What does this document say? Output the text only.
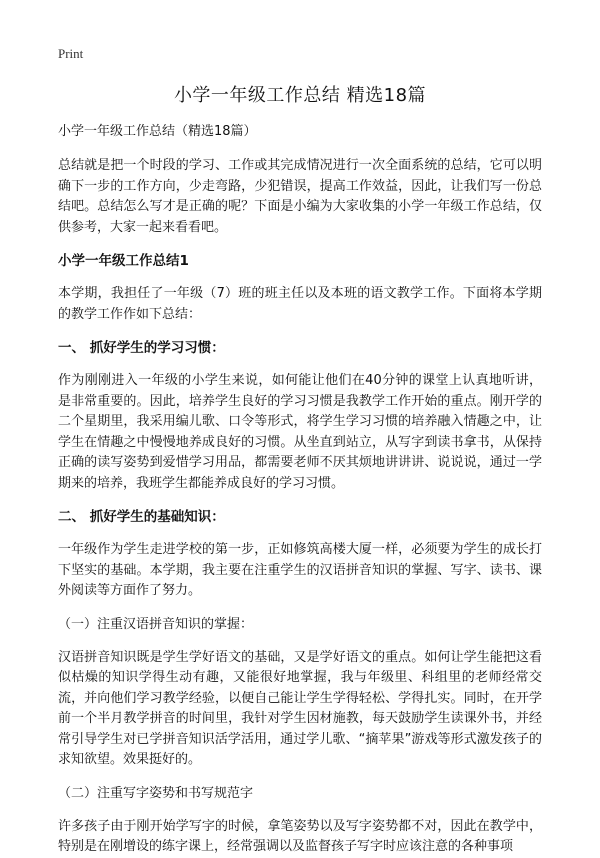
Print
小学一年级工作总结 精选18篇
小学一年级工作总结（精选18篇）

总结就是把一个时段的学习、工作或其完成情况进行一次全面系统的总结，它可以明确下一步的工作方向，少走弯路，少犯错误，提高工作效益，因此，让我们写一份总结吧。总结怎么写才是正确的呢？下面是小编为大家收集的小学一年级工作总结，仅供参考，大家一起来看看吧。

小学一年级工作总结1

本学期，我担任了一年级（7）班的班主任以及本班的语文教学工作。下面将本学期的教学工作作如下总结：

一、 抓好学生的学习习惯：

作为刚刚进入一年级的小学生来说，如何能让他们在40分钟的课堂上认真地听讲，是非常重要的。因此，培养学生良好的学习习惯是我教学工作开始的重点。刚开学的二个星期里，我采用编儿歌、口令等形式，将学生学习习惯的培养融入情趣之中，让学生在情趣之中慢慢地养成良好的习惯。从坐直到站立，从写字到读书拿书，从保持正确的读写姿势到爱惜学习用品，都需要老师不厌其烦地讲讲讲、说说说，通过一学期来的培养，我班学生都能养成良好的学习习惯。

二、 抓好学生的基础知识：

一年级作为学生走进学校的第一步，正如修筑高楼大厦一样，必须要为学生的成长打下坚实的基础。本学期，我主要在注重学生的汉语拼音知识的掌握、写字、读书、课外阅读等方面作了努力。

（一）注重汉语拼音知识的掌握：

汉语拼音知识既是学生学好语文的基础，又是学好语文的重点。如何让学生能把这看似枯燥的知识学得生动有趣，又能很好地掌握，我与年级里、科组里的老师经常交流，并向他们学习教学经验，以便自己能让学生学得轻松、学得扎实。同时，在开学前一个半月教学拼音的时间里，我针对学生因材施教，每天鼓励学生读课外书，并经常引导学生对已学拼音知识活学活用，通过学儿歌、“摘苹果”游戏等形式激发孩子的求知欲望。效果挺好的。

（二）注重写字姿势和书写规范字

许多孩子由于刚开始学写字的时候，拿笔姿势以及写字姿势都不对，因此在教学中，特别是在刚增设的练字课上，经常强调以及监督孩子写字时应该注意的各种事项
